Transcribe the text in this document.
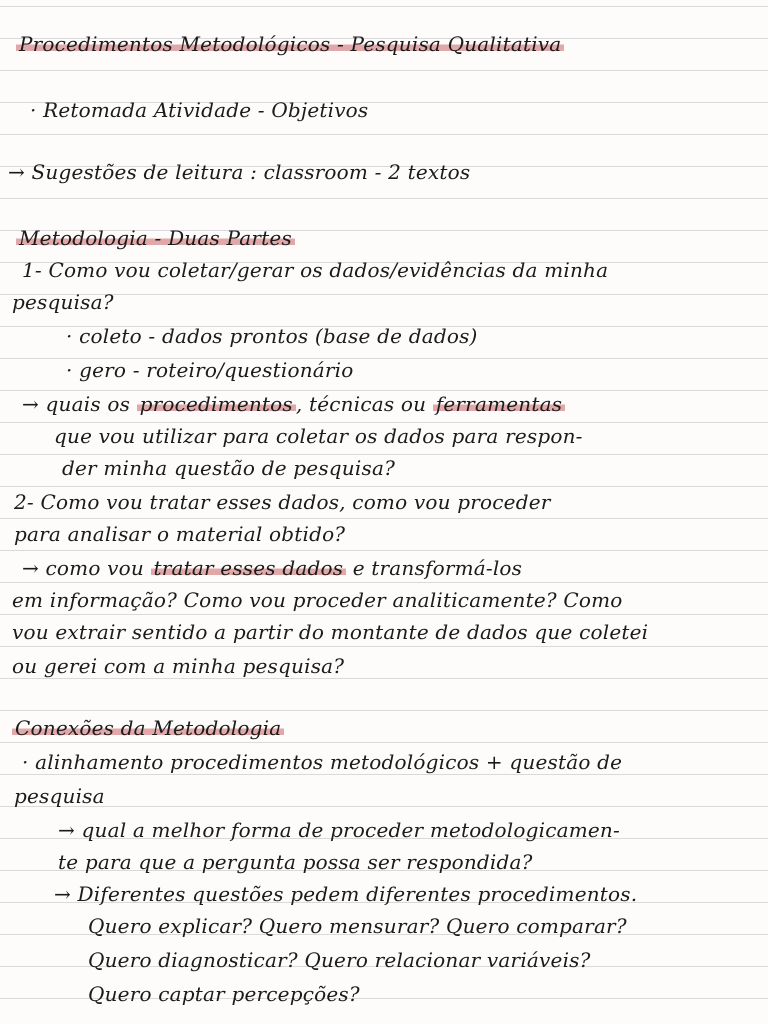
Procedimentos Metodológicos - Pesquisa Qualitativa

· Retomada Atividade - Objetivos

→ Sugestões de leitura : classroom - 2 textos

Metodologia - Duas Partes

1- Como vou coletar/gerar os dados/evidências da minha

pesquisa?

· coleto - dados prontos (base de dados)

· gero - roteiro/questionário

→ quais os procedimentos , técnicas ou ferramentas

que vou utilizar para coletar os dados para respon-

der minha questão de pesquisa?

2- Como vou tratar esses dados, como vou proceder

para analisar o material obtido?

→ como vou tratar esses dados e transformá-los

em informação? Como vou proceder analiticamente? Como

vou extrair sentido a partir do montante de dados que coletei

ou gerei com a minha pesquisa?

Conexões da Metodologia

· alinhamento procedimentos metodológicos + questão de

pesquisa

→ qual a melhor forma de proceder metodologicamen-

te para que a pergunta possa ser respondida?

→ Diferentes questões pedem diferentes procedimentos.

Quero explicar? Quero mensurar? Quero comparar?

Quero diagnosticar? Quero relacionar variáveis?

Quero captar percepções?
